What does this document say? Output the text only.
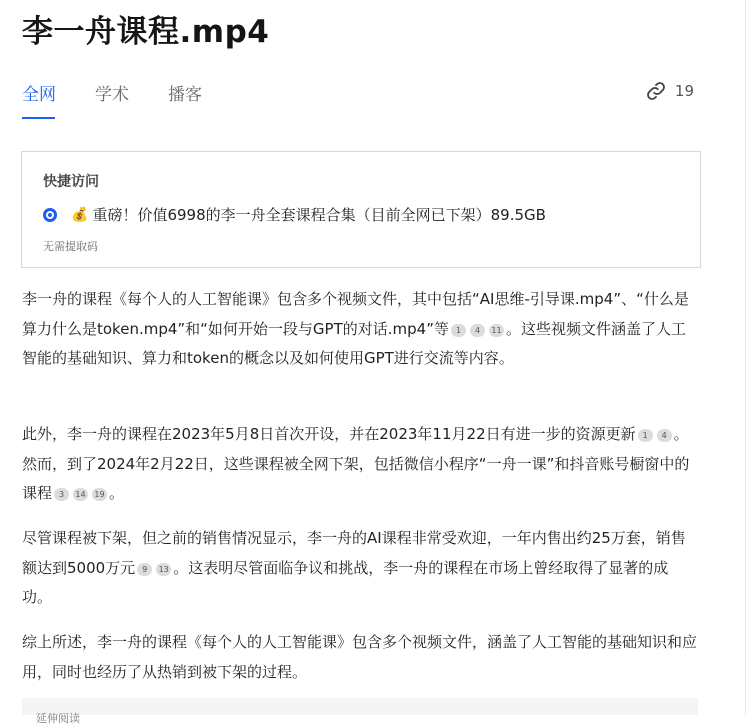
李一舟课程.mp4
全网 学术 播客	19
快捷访问
💰 重磅！价值6998的李一舟全套课程合集（目前全网已下架）89.5GB
无需提取码
李一舟的课程《每个人的人工智能课》包含多个视频文件，其中包括“AI思维-引导课.mp4”、“什么是算力什么是token.mp4”和“如何开始一段与GPT的对话.mp4”等 1 4 11 。这些视频文件涵盖了人工智能的基础知识、算力和token的概念以及如何使用GPT进行交流等内容。
此外，李一舟的课程在2023年5月8日首次开设，并在2023年11月22日有进一步的资源更新 1 4 。然而，到了2024年2月22日，这些课程被全网下架，包括微信小程序“一舟一课”和抖音账号橱窗中的课程 3 14 19 。
尽管课程被下架，但之前的销售情况显示，李一舟的AI课程非常受欢迎，一年内售出约25万套，销售额达到5000万元 9 13 。这表明尽管面临争议和挑战，李一舟的课程在市场上曾经取得了显著的成功。
综上所述，李一舟的课程《每个人的人工智能课》包含多个视频文件，涵盖了人工智能的基础知识和应用，同时也经历了从热销到被下架的过程。
延伸阅读
